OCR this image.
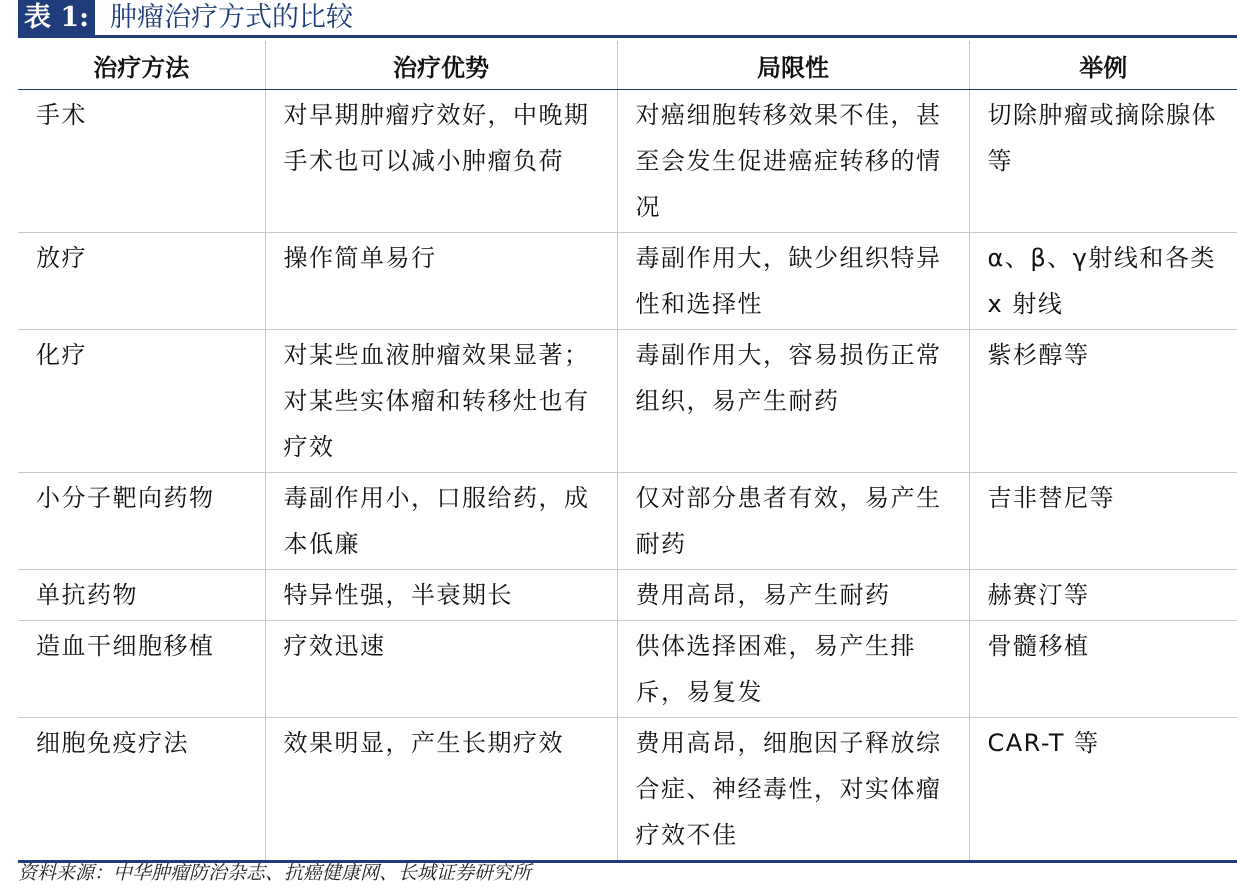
表 1: 肿瘤治疗方式的比较
治疗方法	治疗优势	局限性	举例
手术	对早期肿瘤疗效好，中晚期手术也可以减小肿瘤负荷	对癌细胞转移效果不佳，甚至会发生促进癌症转移的情况	切除肿瘤或摘除腺体等
放疗	操作简单易行	毒副作用大，缺少组织特异性和选择性	α、β、γ射线和各类 x 射线
化疗	对某些血液肿瘤效果显著；对某些实体瘤和转移灶也有疗效	毒副作用大，容易损伤正常组织，易产生耐药	紫杉醇等
小分子靶向药物	毒副作用小，口服给药，成本低廉	仅对部分患者有效，易产生耐药	吉非替尼等
单抗药物	特异性强，半衰期长	费用高昂，易产生耐药	赫赛汀等
造血干细胞移植	疗效迅速	供体选择困难，易产生排斥，易复发	骨髓移植
细胞免疫疗法	效果明显，产生长期疗效	费用高昂，细胞因子释放综合症、神经毒性，对实体瘤疗效不佳	CAR-T 等
资料来源：中华肿瘤防治杂志、抗癌健康网、长城证券研究所
